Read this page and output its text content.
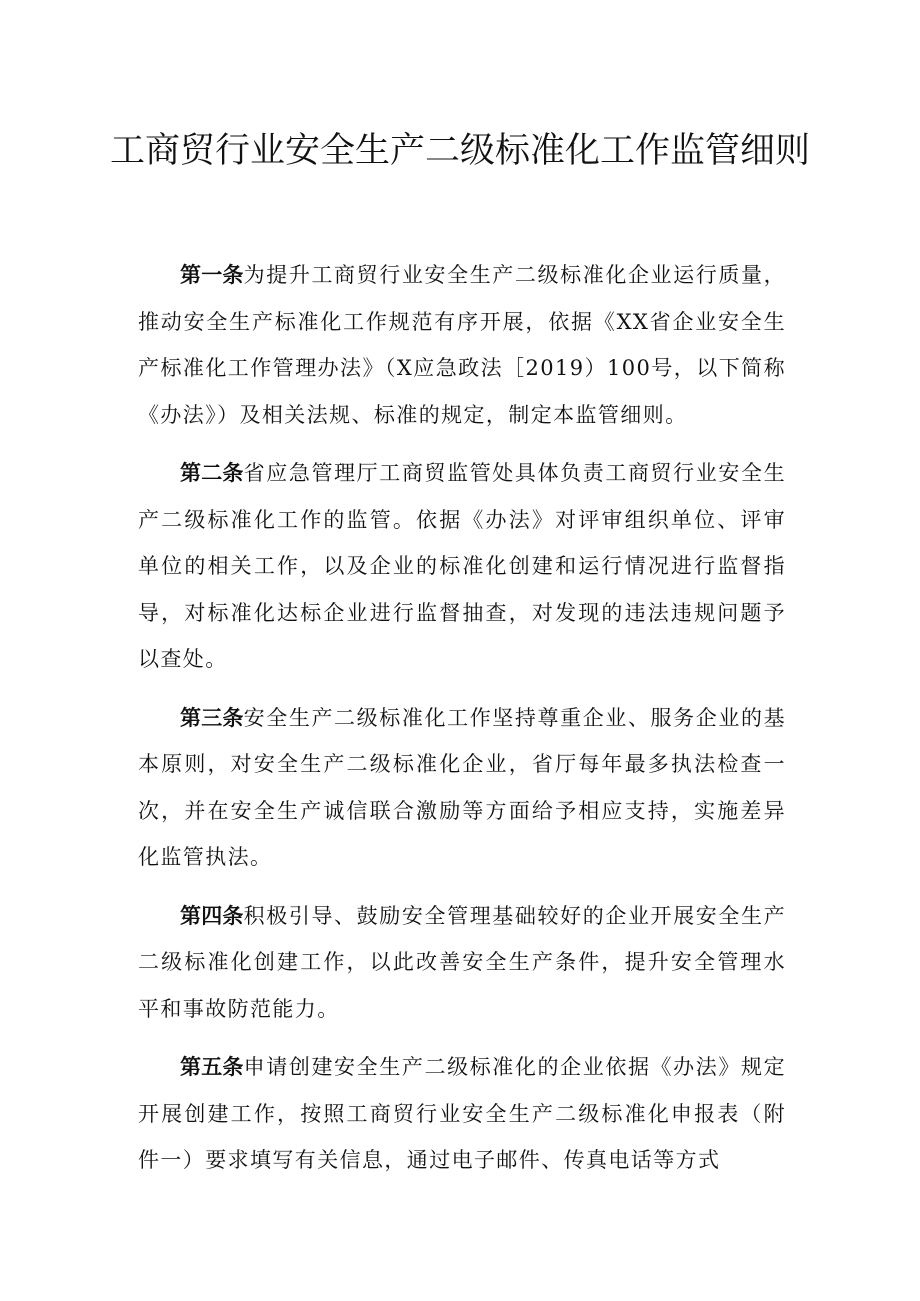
工商贸行业安全生产二级标准化工作监管细则

第一条为提升工商贸行业安全生产二级标准化企业运行质量，推动安全生产标准化工作规范有序开展，依据《XX省企业安全生产标准化工作管理办法》（X应急政法［2019）100号，以下简称《办法》）及相关法规、标准的规定，制定本监管细则。

第二条省应急管理厅工商贸监管处具体负责工商贸行业安全生产二级标准化工作的监管。依据《办法》对评审组织单位、评审单位的相关工作，以及企业的标准化创建和运行情况进行监督指导，对标准化达标企业进行监督抽查，对发现的违法违规问题予以查处。

第三条安全生产二级标准化工作坚持尊重企业、服务企业的基本原则，对安全生产二级标准化企业，省厅每年最多执法检查一次，并在安全生产诚信联合激励等方面给予相应支持，实施差异化监管执法。

第四条积极引导、鼓励安全管理基础较好的企业开展安全生产二级标准化创建工作，以此改善安全生产条件，提升安全管理水平和事故防范能力。

第五条申请创建安全生产二级标准化的企业依据《办法》规定开展创建工作，按照工商贸行业安全生产二级标准化申报表（附件一）要求填写有关信息，通过电子邮件、传真电话等方式
